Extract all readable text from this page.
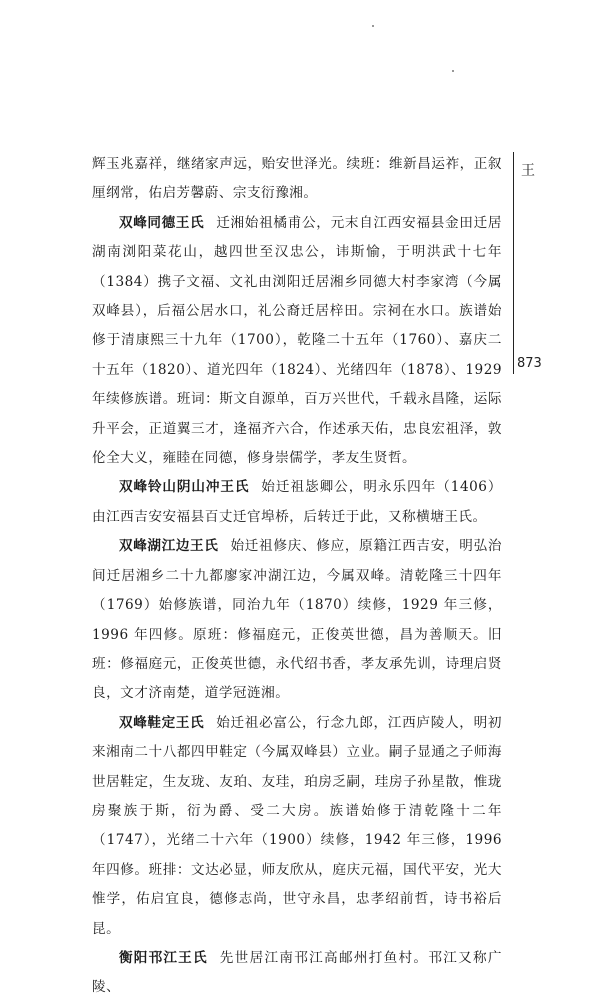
辉玉兆嘉祥，继绪家声远，贻安世泽光。续班：维新昌运祚，正叙厘纲常，佑启芳馨蔚、宗支衍豫湘。

双峰同德王氏 迁湘始祖橘甫公，元末自江西安福县金田迁居湖南浏阳菜花山，越四世至汉忠公，讳斯愉，于明洪武十七年（1384）携子文福、文礼由浏阳迁居湘乡同德大村李家湾（今属双峰县），后福公居水口，礼公裔迁居梓田。宗祠在水口。族谱始修于清康熙三十九年（1700），乾隆二十五年（1760）、嘉庆二十五年（1820）、道光四年（1824）、光绪四年（1878）、1929 年续修族谱。班词：斯文自源单，百万兴世代，千载永昌隆，运际升平会，正道翼三才，逢福齐六合，作述承天佑，忠良宏祖泽，敦伦全大义，雍睦在同德，修身崇儒学，孝友生贤哲。

双峰铃山阴山冲王氏 始迁祖毖卿公，明永乐四年（1406）由江西吉安安福县百丈迁官埠桥，后转迁于此，又称横塘王氏。

双峰湖江边王氏 始迁祖修庆、修应，原籍江西吉安，明弘治间迁居湘乡二十九都廖家冲湖江边，今属双峰。清乾隆三十四年（1769）始修族谱，同治九年（1870）续修，1929 年三修，1996 年四修。原班：修福庭元，正俊英世德，昌为善顺天。旧班：修福庭元，正俊英世德，永代绍书香，孝友承先训，诗理启贤良，文才济南楚，道学冠涟湘。

双峰鞋定王氏 始迁祖必富公，行念九郎，江西庐陵人，明初来湘南二十八都四甲鞋定（今属双峰县）立业。嗣子显通之子师海世居鞋定，生友珑、友珀、友珪，珀房乏嗣，珪房子孙星散，惟珑房聚族于斯，衍为爵、受二大房。族谱始修于清乾隆十二年（1747），光绪二十六年（1900）续修，1942 年三修，1996 年四修。班排：文达必显，师友欣从，庭庆元福，国代平安，光大惟学，佑启宜良，德修志尚，世守永昌，忠孝绍前哲，诗书裕后昆。

衡阳邗江王氏 先世居江南邗江高邮州打鱼村。邗江又称广陵、

王
873
